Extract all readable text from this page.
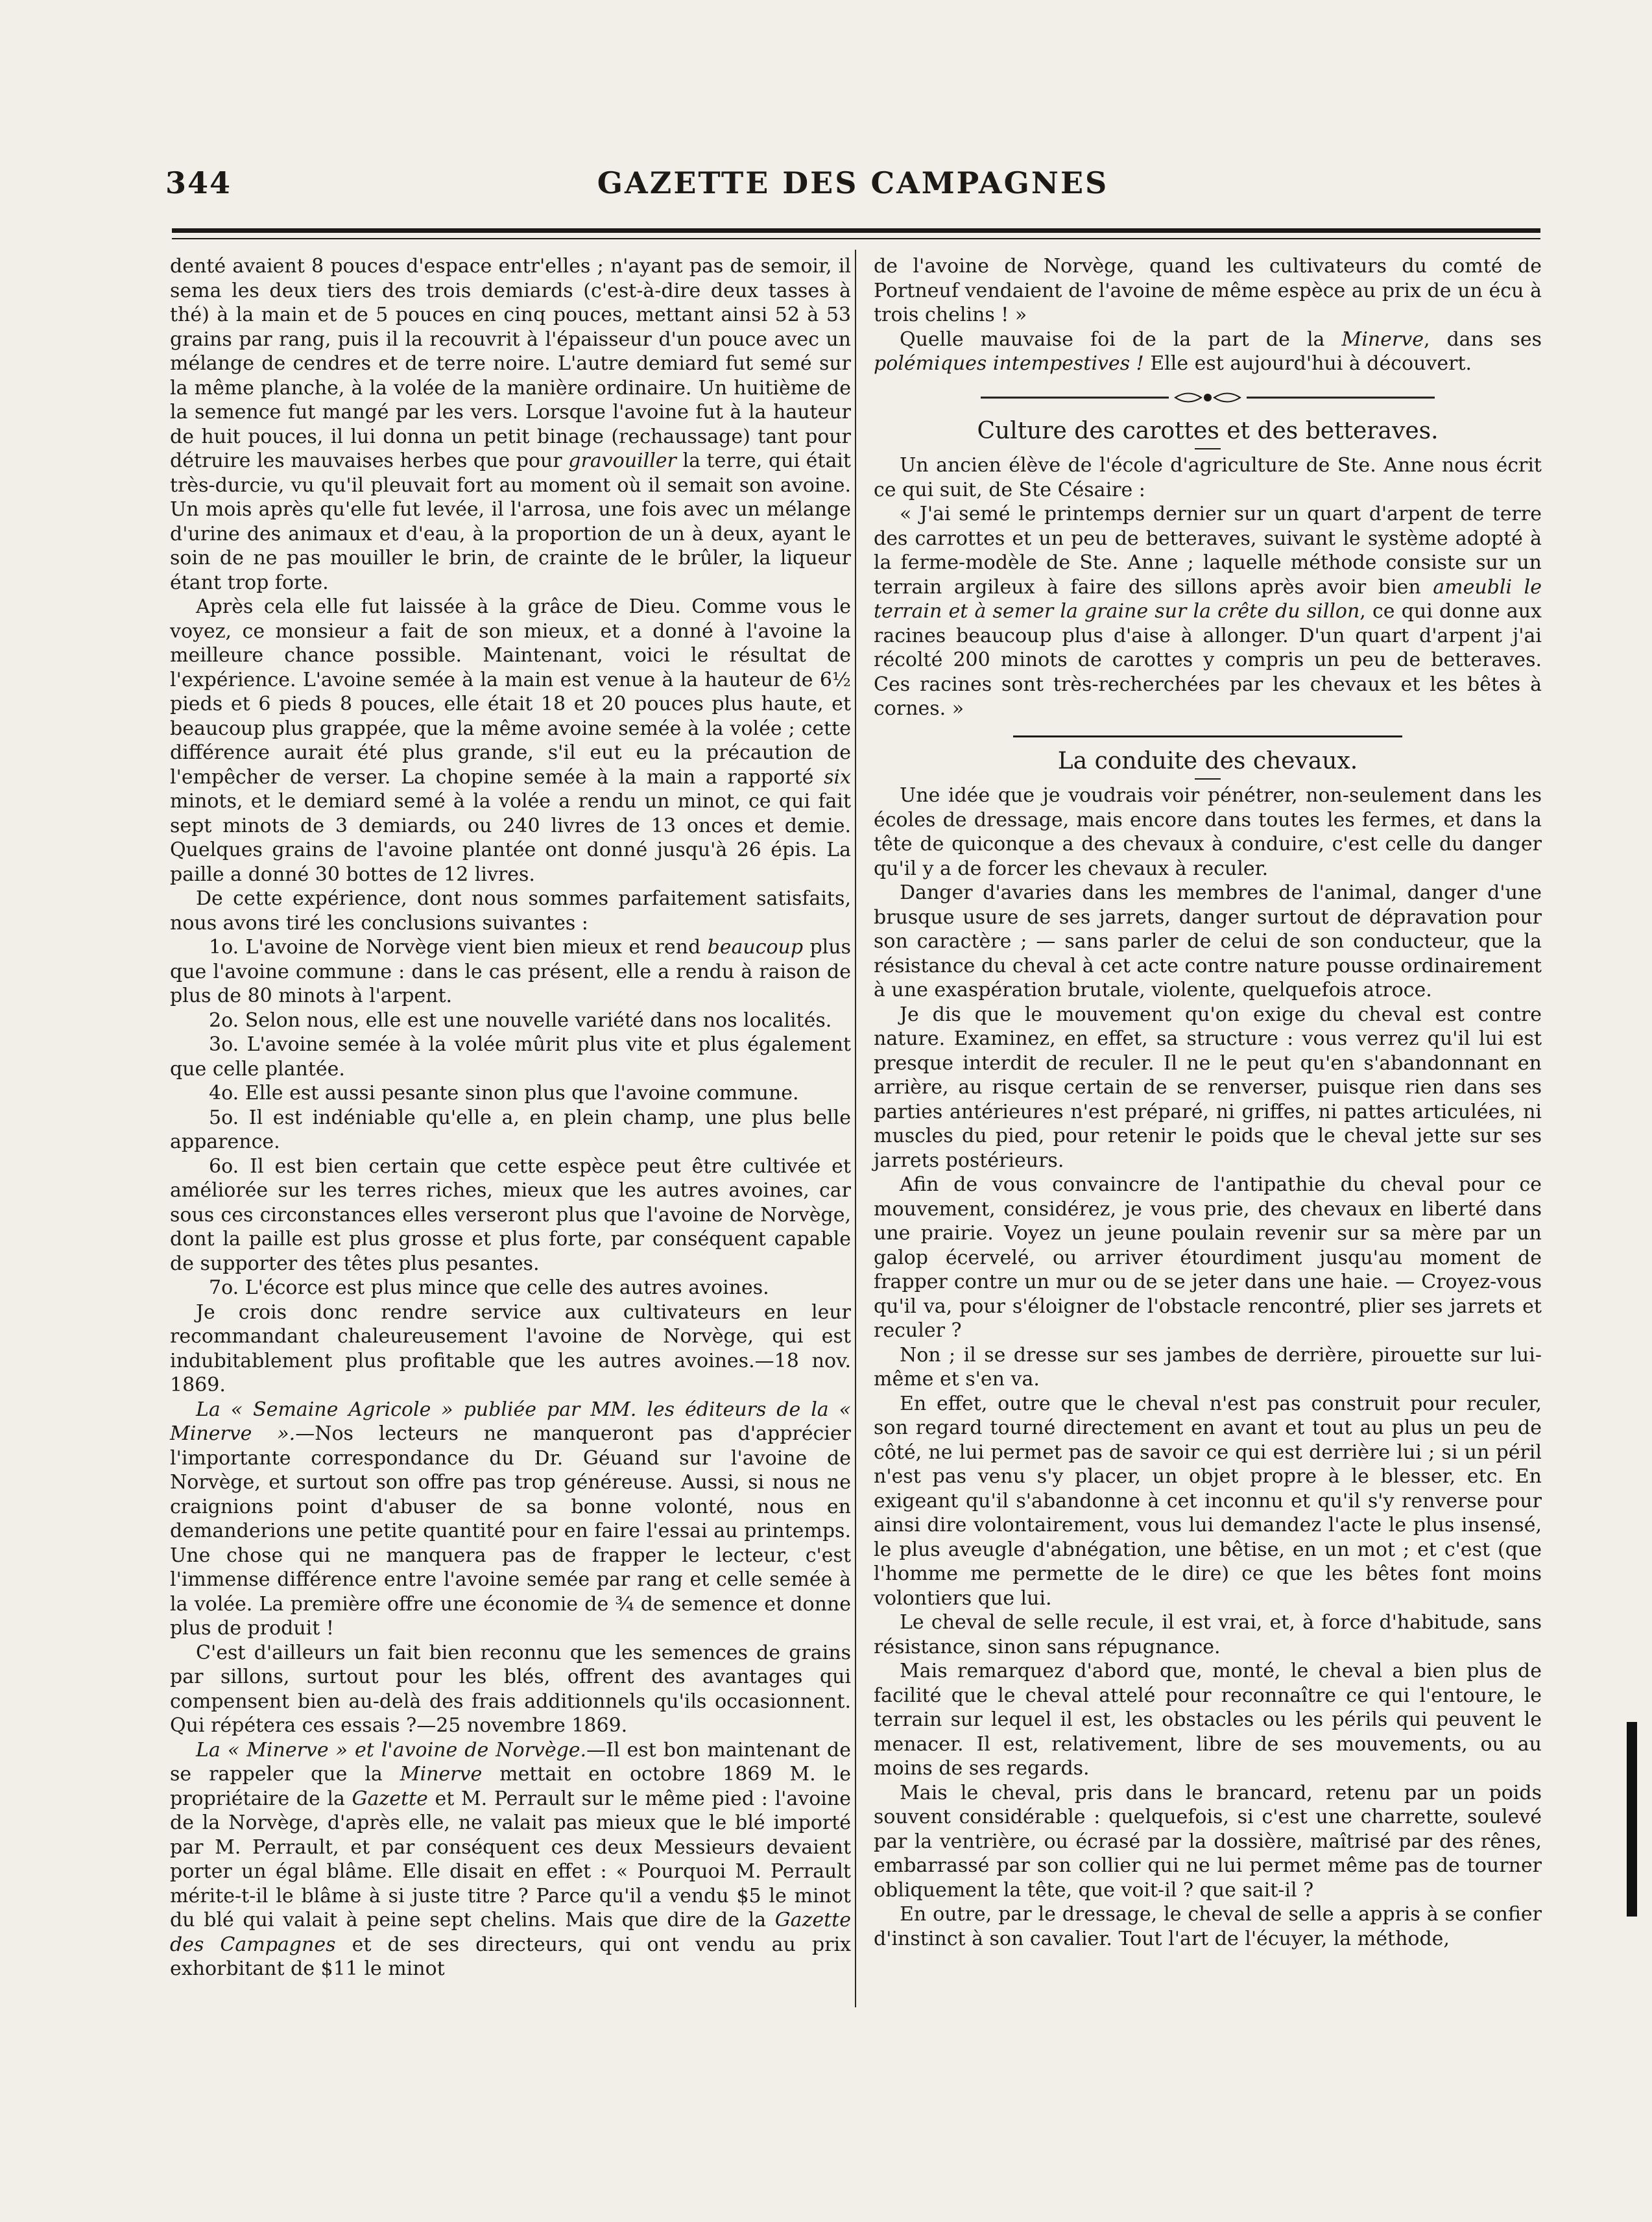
344	GAZETTE DES CAMPAGNES

denté avaient 8 pouces d'espace entr'elles ; n'ayant pas de semoir, il sema les deux tiers des trois demiards (c'est-à-dire deux tasses à thé) à la main et de 5 pouces en cinq pouces, mettant ainsi 52 à 53 grains par rang, puis il la recouvrit à l'épaisseur d'un pouce avec un mélange de cendres et de terre noire. L'autre demiard fut semé sur la même planche, à la volée de la manière ordinaire. Un huitième de la semence fut mangé par les vers. Lorsque l'avoine fut à la hauteur de huit pouces, il lui donna un petit binage (rechaussage) tant pour détruire les mauvaises herbes que pour gravouiller la terre, qui était très-durcie, vu qu'il pleuvait fort au moment où il semait son avoine. Un mois après qu'elle fut levée, il l'arrosa, une fois avec un mélange d'urine des animaux et d'eau, à la proportion de un à deux, ayant le soin de ne pas mouiller le brin, de crainte de le brûler, la liqueur étant trop forte.

Après cela elle fut laissée à la grâce de Dieu. Comme vous le voyez, ce monsieur a fait de son mieux, et a donné à l'avoine la meilleure chance possible. Maintenant, voici le résultat de l'expérience. L'avoine semée à la main est venue à la hauteur de 6½ pieds et 6 pieds 8 pouces, elle était 18 et 20 pouces plus haute, et beaucoup plus grappée, que la même avoine semée à la volée ; cette différence aurait été plus grande, s'il eut eu la précaution de l'empêcher de verser. La chopine semée à la main a rapporté six minots, et le demiard semé à la volée a rendu un minot, ce qui fait sept minots de 3 demiards, ou 240 livres de 13 onces et demie. Quelques grains de l'avoine plantée ont donné jusqu'à 26 épis. La paille a donné 30 bottes de 12 livres.

De cette expérience, dont nous sommes parfaitement satisfaits, nous avons tiré les conclusions suivantes :

1o. L'avoine de Norvège vient bien mieux et rend beaucoup plus que l'avoine commune : dans le cas présent, elle a rendu à raison de plus de 80 minots à l'arpent.

2o. Selon nous, elle est une nouvelle variété dans nos localités.

3o. L'avoine semée à la volée mûrit plus vite et plus également que celle plantée.

4o. Elle est aussi pesante sinon plus que l'avoine commune.

5o. Il est indéniable qu'elle a, en plein champ, une plus belle apparence.

6o. Il est bien certain que cette espèce peut être cultivée et améliorée sur les terres riches, mieux que les autres avoines, car sous ces circonstances elles verseront plus que l'avoine de Norvège, dont la paille est plus grosse et plus forte, par conséquent capable de supporter des têtes plus pesantes.

7o. L'écorce est plus mince que celle des autres avoines.

Je crois donc rendre service aux cultivateurs en leur recommandant chaleureusement l'avoine de Norvège, qui est indubitablement plus profitable que les autres avoines.—18 nov. 1869.

La « Semaine Agricole » publiée par MM. les éditeurs de la « Minerve ».—Nos lecteurs ne manqueront pas d'apprécier l'importante correspondance du Dr. Géuand sur l'avoine de Norvège, et surtout son offre pas trop généreuse. Aussi, si nous ne craignions point d'abuser de sa bonne volonté, nous en demanderions une petite quantité pour en faire l'essai au printemps. Une chose qui ne manquera pas de frapper le lecteur, c'est l'immense différence entre l'avoine semée par rang et celle semée à la volée. La première offre une économie de ¾ de semence et donne plus de produit !

C'est d'ailleurs un fait bien reconnu que les semences de grains par sillons, surtout pour les blés, offrent des avantages qui compensent bien au-delà des frais additionnels qu'ils occasionnent. Qui répétera ces essais ?—25 novembre 1869.

La « Minerve » et l'avoine de Norvège.—Il est bon maintenant de se rappeler que la Minerve mettait en octobre 1869 M. le propriétaire de la Gazette et M. Perrault sur le même pied : l'avoine de la Norvège, d'après elle, ne valait pas mieux que le blé importé par M. Perrault, et par conséquent ces deux Messieurs devaient porter un égal blâme. Elle disait en effet : « Pourquoi M. Perrault mérite-t-il le blâme à si juste titre ? Parce qu'il a vendu $5 le minot du blé qui valait à peine sept chelins. Mais que dire de la Gazette des Campagnes et de ses directeurs, qui ont vendu au prix exhorbitant de $11 le minot

de l'avoine de Norvège, quand les cultivateurs du comté de Portneuf vendaient de l'avoine de même espèce au prix de un écu à trois chelins ! »

Quelle mauvaise foi de la part de la Minerve, dans ses polémiques intempestives ! Elle est aujourd'hui à découvert.

Culture des carottes et des betteraves.

Un ancien élève de l'école d'agriculture de Ste. Anne nous écrit ce qui suit, de Ste Césaire :

« J'ai semé le printemps dernier sur un quart d'arpent de terre des carrottes et un peu de betteraves, suivant le système adopté à la ferme-modèle de Ste. Anne ; laquelle méthode consiste sur un terrain argileux à faire des sillons après avoir bien ameubli le terrain et à semer la graine sur la crête du sillon, ce qui donne aux racines beaucoup plus d'aise à allonger. D'un quart d'arpent j'ai récolté 200 minots de carottes y compris un peu de betteraves. Ces racines sont très-recherchées par les chevaux et les bêtes à cornes. »

La conduite des chevaux.

Une idée que je voudrais voir pénétrer, non-seulement dans les écoles de dressage, mais encore dans toutes les fermes, et dans la tête de quiconque a des chevaux à conduire, c'est celle du danger qu'il y a de forcer les chevaux à reculer.

Danger d'avaries dans les membres de l'animal, danger d'une brusque usure de ses jarrets, danger surtout de dépravation pour son caractère ; — sans parler de celui de son conducteur, que la résistance du cheval à cet acte contre nature pousse ordinairement à une exaspération brutale, violente, quelquefois atroce.

Je dis que le mouvement qu'on exige du cheval est contre nature. Examinez, en effet, sa structure : vous verrez qu'il lui est presque interdit de reculer. Il ne le peut qu'en s'abandonnant en arrière, au risque certain de se renverser, puisque rien dans ses parties antérieures n'est préparé, ni griffes, ni pattes articulées, ni muscles du pied, pour retenir le poids que le cheval jette sur ses jarrets postérieurs.

Afin de vous convaincre de l'antipathie du cheval pour ce mouvement, considérez, je vous prie, des chevaux en liberté dans une prairie. Voyez un jeune poulain revenir sur sa mère par un galop écervelé, ou arriver étourdiment jusqu'au moment de frapper contre un mur ou de se jeter dans une haie. — Croyez-vous qu'il va, pour s'éloigner de l'obstacle rencontré, plier ses jarrets et reculer ?

Non ; il se dresse sur ses jambes de derrière, pirouette sur lui-même et s'en va.

En effet, outre que le cheval n'est pas construit pour reculer, son regard tourné directement en avant et tout au plus un peu de côté, ne lui permet pas de savoir ce qui est derrière lui ; si un péril n'est pas venu s'y placer, un objet propre à le blesser, etc. En exigeant qu'il s'abandonne à cet inconnu et qu'il s'y renverse pour ainsi dire volontairement, vous lui demandez l'acte le plus insensé, le plus aveugle d'abnégation, une bêtise, en un mot ; et c'est (que l'homme me permette de le dire) ce que les bêtes font moins volontiers que lui.

Le cheval de selle recule, il est vrai, et, à force d'habitude, sans résistance, sinon sans répugnance.

Mais remarquez d'abord que, monté, le cheval a bien plus de facilité que le cheval attelé pour reconnaître ce qui l'entoure, le terrain sur lequel il est, les obstacles ou les périls qui peuvent le menacer. Il est, relativement, libre de ses mouvements, ou au moins de ses regards.

Mais le cheval, pris dans le brancard, retenu par un poids souvent considérable : quelquefois, si c'est une charrette, soulevé par la ventrière, ou écrasé par la dossière, maîtrisé par des rênes, embarrassé par son collier qui ne lui permet même pas de tourner obliquement la tête, que voit-il ? que sait-il ?

En outre, par le dressage, le cheval de selle a appris à se confier d'instinct à son cavalier. Tout l'art de l'écuyer, la méthode,
